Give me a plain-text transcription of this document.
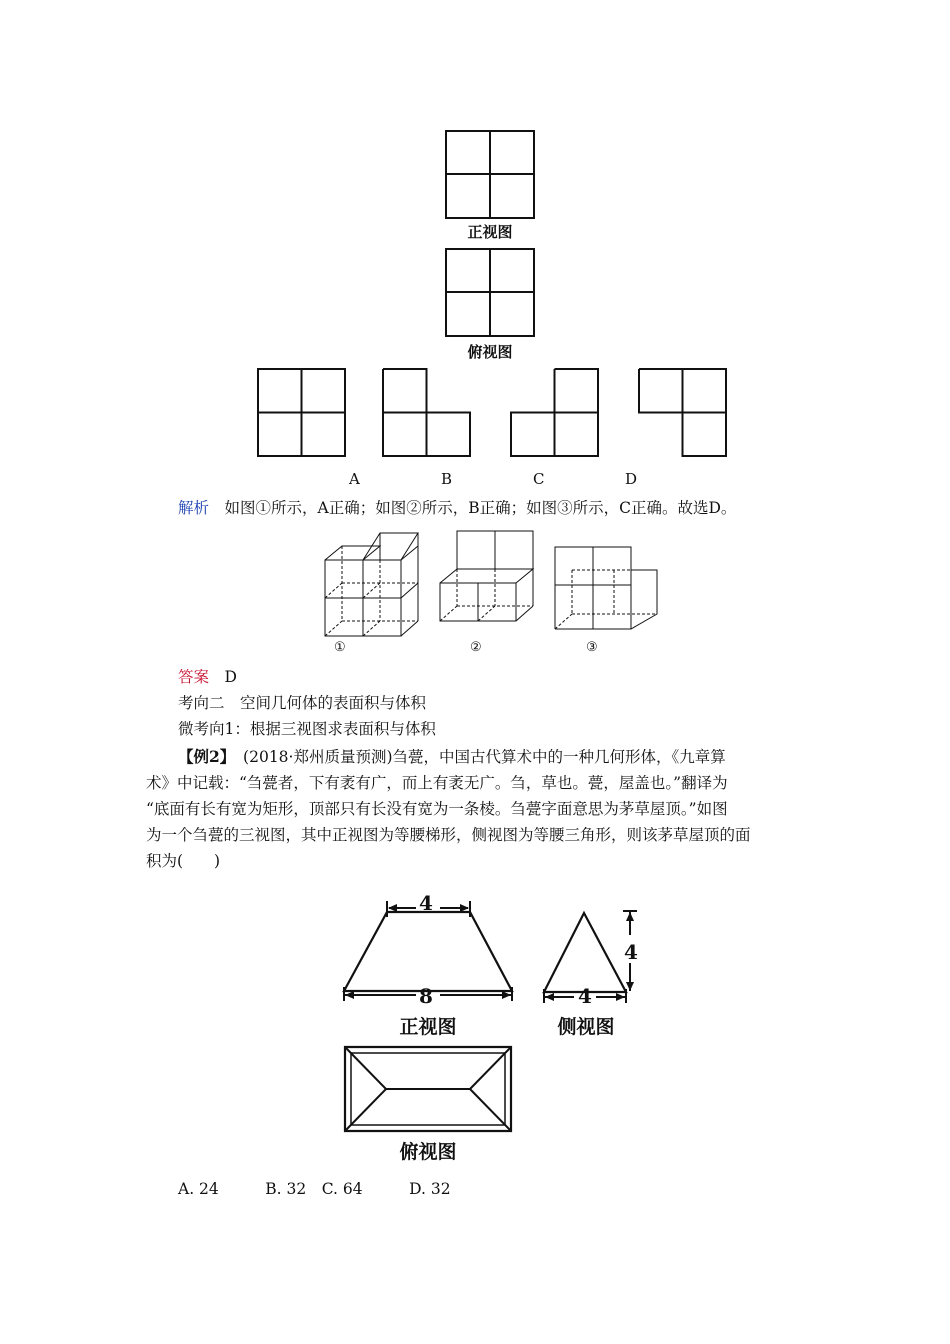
正视图
俯视图
A	B	C	D
解析　 如图①所示，A正确；如图②所示，B正确；如图③所示，C正确。故选D。
①	②	③
答案　 D
考向二　空间几何体的表面积与体积
微考向1：根据三视图求表面积与体积
【例2】　(2018·郑州质量预测)刍甍，中国古代算术中的一种几何形体，《九章算
术》中记载：“刍甍者，下有袤有广，而上有袤无广。刍，草也。甍，屋盖也。”翻译为
“底面有长有宽为矩形，顶部只有长没有宽为一条棱。刍甍字面意思为茅草屋顶。”如图
为一个刍甍的三视图，其中正视图为等腰梯形，侧视图为等腰三角形，则该茅草屋顶的面
积为(　　)
4
8
正视图
4
4
侧视图
俯视图
A. 24　　　B. 32　C. 64　　　D. 32
